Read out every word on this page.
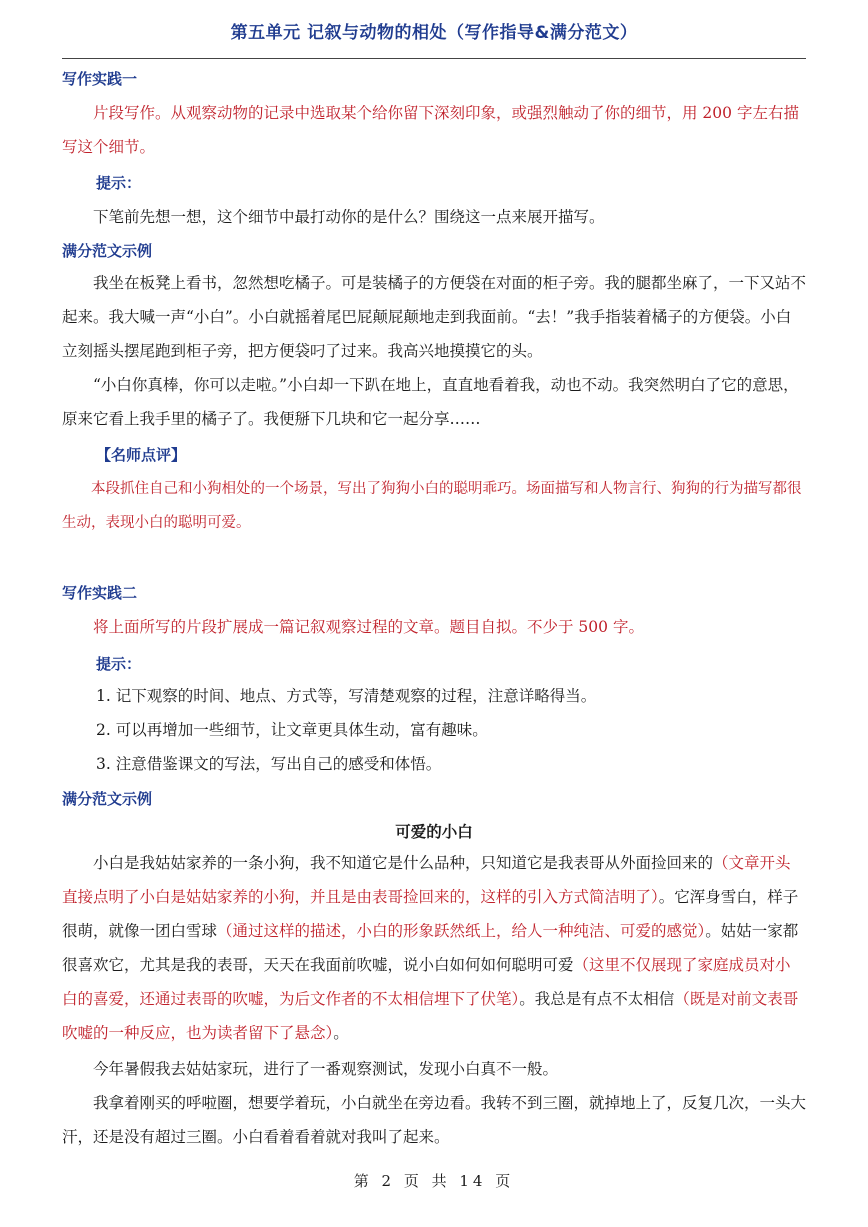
第五单元 记叙与动物的相处（写作指导&满分范文）
写作实践一

片段写作。从观察动物的记录中选取某个给你留下深刻印象，或强烈触动了你的细节，用 200 字左右描写这个细节。

提示：

下笔前先想一想，这个细节中最打动你的是什么？围绕这一点来展开描写。

满分范文示例

我坐在板凳上看书，忽然想吃橘子。可是装橘子的方便袋在对面的柜子旁。我的腿都坐麻了，一下又站不起来。我大喊一声“小白”。小白就摇着尾巴屁颠屁颠地走到我面前。“去！”我手指装着橘子的方便袋。小白立刻摇头摆尾跑到柜子旁，把方便袋叼了过来。我高兴地摸摸它的头。

“小白你真棒，你可以走啦。”小白却一下趴在地上，直直地看着我，动也不动。我突然明白了它的意思，原来它看上我手里的橘子了。我便掰下几块和它一起分享……

【名师点评】

本段抓住自己和小狗相处的一个场景，写出了狗狗小白的聪明乖巧。场面描写和人物言行、狗狗的行为描写都很生动，表现小白的聪明可爱。

写作实践二

将上面所写的片段扩展成一篇记叙观察过程的文章。题目自拟。不少于 500 字。

提示：
1. 记下观察的时间、地点、方式等，写清楚观察的过程，注意详略得当。
2. 可以再增加一些细节，让文章更具体生动，富有趣味。
3. 注意借鉴课文的写法，写出自己的感受和体悟。
满分范文示例
可爱的小白

小白是我姑姑家养的一条小狗，我不知道它是什么品种，只知道它是我表哥从外面捡回来的（文章开头直接点明了小白是姑姑家养的小狗，并且是由表哥捡回来的，这样的引入方式简洁明了）。它浑身雪白，样子很萌，就像一团白雪球（通过这样的描述，小白的形象跃然纸上，给人一种纯洁、可爱的感觉）。姑姑一家都很喜欢它，尤其是我的表哥，天天在我面前吹嘘，说小白如何如何聪明可爱（这里不仅展现了家庭成员对小白的喜爱，还通过表哥的吹嘘，为后文作者的不太相信埋下了伏笔）。我总是有点不太相信（既是对前文表哥吹嘘的一种反应，也为读者留下了悬念）。

今年暑假我去姑姑家玩，进行了一番观察测试，发现小白真不一般。

我拿着刚买的呼啦圈，想要学着玩，小白就坐在旁边看。我转不到三圈，就掉地上了，反复几次，一头大汗，还是没有超过三圈。小白看着看着就对我叫了起来。

第 2 页 共 14 页
